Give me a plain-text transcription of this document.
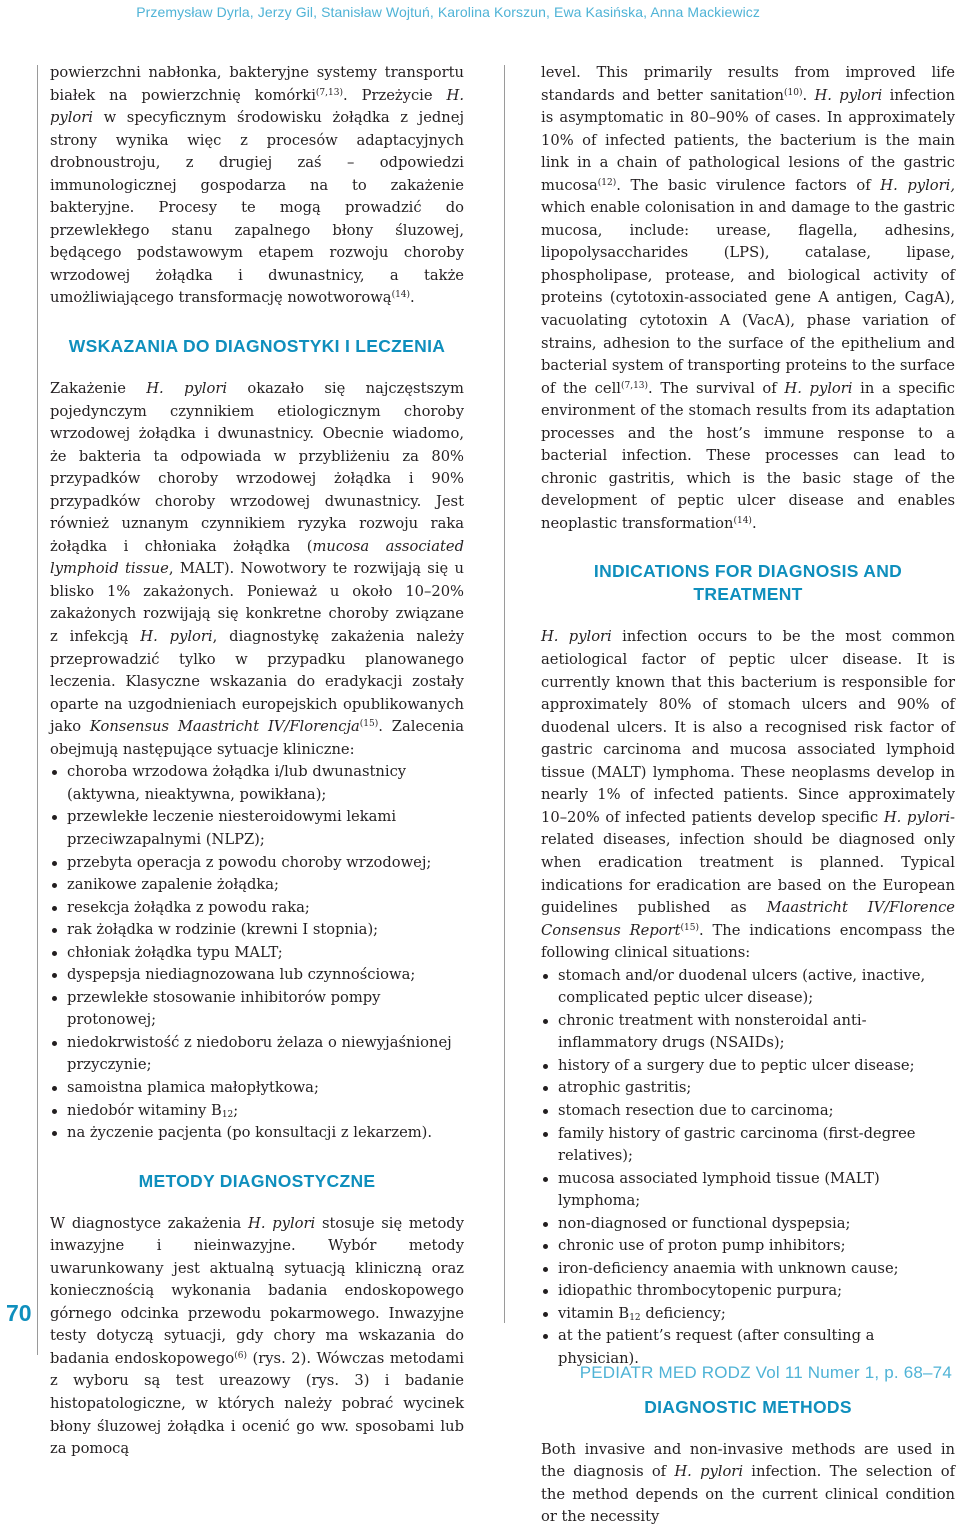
Przemysław Dyrla, Jerzy Gil, Stanisław Wojtuń, Karolina Korszun, Ewa Kasińska, Anna Mackiewicz
70

powierzchni nabłonka, bakteryjne systemy transportu białek na powierzchnię komórki$^{(7,13)}$. Przeżycie H. pylori w specyficznym środowisku żołądka z jednej strony wynika więc z procesów adaptacyjnych drobnoustroju, z drugiej zaś – odpowiedzi immunologicznej gospodarza na to zakażenie bakteryjne. Procesy te mogą prowadzić do przewlekłego stanu zapalnego błony śluzowej, będącego podstawowym etapem rozwoju choroby wrzodowej żołądka i dwunastnicy, a także umożliwiającego transformację nowotworową$^{(14)}$.

WSKAZANIA DO DIAGNOSTYKI I LECZENIA

Zakażenie H. pylori okazało się najczęstszym pojedynczym czynnikiem etiologicznym choroby wrzodowej żołądka i dwunastnicy. Obecnie wiadomo, że bakteria ta odpowiada w przybliżeniu za 80% przypadków choroby wrzodowej żołądka i 90% przypadków choroby wrzodowej dwunastnicy. Jest również uznanym czynnikiem ryzyka rozwoju raka żołądka i chłoniaka żołądka (mucosa associated lymphoid tissue, MALT). Nowotwory te rozwijają się u blisko 1% zakażonych. Ponieważ u około 10–20% zakażonych rozwijają się konkretne choroby związane z infekcją H. pylori, diagnostykę zakażenia należy przeprowadzić tylko w przypadku planowanego leczenia. Klasyczne wskazania do eradykacji zostały oparte na uzgodnieniach europejskich opublikowanych jako Konsensus Maastricht IV/Florencja$^{(15)}$. Zalecenia obejmują następujące sytuacje kliniczne:

choroba wrzodowa żołądka i/lub dwunastnicy (aktywna, nieaktywna, powikłana);
przewlekłe leczenie niesteroidowymi lekami przeciwzapalnymi (NLPZ);
przebyta operacja z powodu choroby wrzodowej;
zanikowe zapalenie żołądka;
resekcja żołądka z powodu raka;
rak żołądka w rodzinie (krewni I stopnia);
chłoniak żołądka typu MALT;
dyspepsja niediagnozowana lub czynnościowa;
przewlekłe stosowanie inhibitorów pompy protonowej;
niedokrwistość z niedoboru żelaza o niewyjaśnionej przyczynie;
samoistna plamica małopłytkowa;
niedobór witaminy $B_{12}$;
na życzenie pacjenta (po konsultacji z lekarzem).
METODY DIAGNOSTYCZNE

W diagnostyce zakażenia H. pylori stosuje się metody inwazyjne i nieinwazyjne. Wybór metody uwarunkowany jest aktualną sytuacją kliniczną oraz koniecznością wykonania badania endoskopowego górnego odcinka przewodu pokarmowego. Inwazyjne testy dotyczą sytuacji, gdy chory ma wskazania do badania endoskopowego$^{(6)}$ (rys. 2). Wówczas metodami z wyboru są test ureazowy (rys. 3) i badanie histopatologiczne, w których należy pobrać wycinek błony śluzowej żołądka i ocenić go ww. sposobami lub za pomocą

level. This primarily results from improved life standards and better sanitation$^{(10)}$. H. pylori infection is asymptomatic in 80–90% of cases. In approximately 10% of infected patients, the bacterium is the main link in a chain of pathological lesions of the gastric mucosa$^{(12)}$. The basic virulence factors of H. pylori, which enable colonisation in and damage to the gastric mucosa, include: urease, flagella, adhesins, lipopolysaccharides (LPS), catalase, lipase, phospholipase, protease, and biological activity of proteins (cytotoxin-associated gene A antigen, CagA), vacuolating cytotoxin A (VacA), phase variation of strains, adhesion to the surface of the epithelium and bacterial system of transporting proteins to the surface of the cell$^{(7,13)}$. The survival of H. pylori in a specific environment of the stomach results from its adaptation processes and the host’s immune response to a bacterial infection. These processes can lead to chronic gastritis, which is the basic stage of the development of peptic ulcer disease and enables neoplastic transformation$^{(14)}$.

INDICATIONS FOR DIAGNOSIS AND TREATMENT

H. pylori infection occurs to be the most common aetiological factor of peptic ulcer disease. It is currently known that this bacterium is responsible for approximately 80% of stomach ulcers and 90% of duodenal ulcers. It is also a recognised risk factor of gastric carcinoma and mucosa associated lymphoid tissue (MALT) lymphoma. These neoplasms develop in nearly 1% of infected patients. Since approximately 10–20% of infected patients develop specific H. pylori-related diseases, infection should be diagnosed only when eradication treatment is planned. Typical indications for eradication are based on the European guidelines published as Maastricht IV/Florence Consensus Report$^{(15)}$. The indications encompass the following clinical situations:

stomach and/or duodenal ulcers (active, inactive, complicated peptic ulcer disease);
chronic treatment with nonsteroidal anti-inflammatory drugs (NSAIDs);
history of a surgery due to peptic ulcer disease;
atrophic gastritis;
stomach resection due to carcinoma;
family history of gastric carcinoma (first-degree relatives);
mucosa associated lymphoid tissue (MALT) lymphoma;
non-diagnosed or functional dyspepsia;
chronic use of proton pump inhibitors;
iron-deficiency anaemia with unknown cause;
idiopathic thrombocytopenic purpura;
vitamin $B_{12}$ deficiency;
at the patient’s request (after consulting a physician).
DIAGNOSTIC METHODS

Both invasive and non-invasive methods are used in the diagnosis of H. pylori infection. The selection of the method depends on the current clinical condition or the necessity

PEDIATR MED RODZ Vol 11 Numer 1, p. 68–74
